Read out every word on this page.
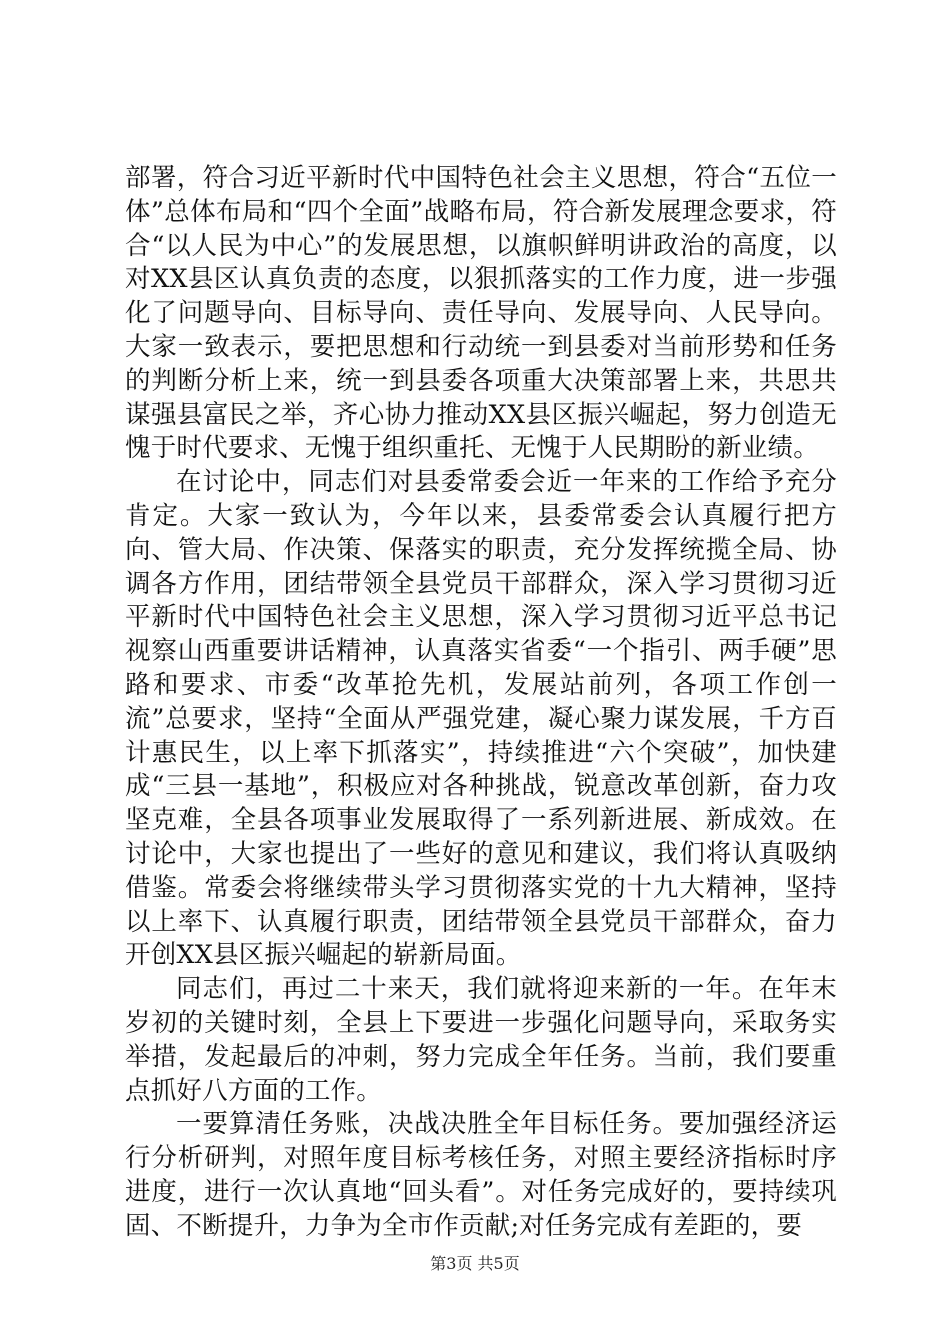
部署，符合习近平新时代中国特色社会主义思想，符合“五位一体”总体布局和“四个全面”战略布局，符合新发展理念要求，符合“以人民为中心”的发展思想，以旗帜鲜明讲政治的高度，以对XX县区认真负责的态度，以狠抓落实的工作力度，进一步强化了问题导向、目标导向、责任导向、发展导向、人民导向。大家一致表示，要把思想和行动统一到县委对当前形势和任务的判断分析上来，统一到县委各项重大决策部署上来，共思共谋强县富民之举，齐心协力推动XX县区振兴崛起，努力创造无愧于时代要求、无愧于组织重托、无愧于人民期盼的新业绩。

在讨论中，同志们对县委常委会近一年来的工作给予充分肯定。大家一致认为，今年以来，县委常委会认真履行把方向、管大局、作决策、保落实的职责，充分发挥统揽全局、协调各方作用，团结带领全县党员干部群众，深入学习贯彻习近平新时代中国特色社会主义思想，深入学习贯彻习近平总书记视察山西重要讲话精神，认真落实省委“一个指引、两手硬”思路和要求、市委“改革抢先机，发展站前列，各项工作创一流”总要求，坚持“全面从严强党建，凝心聚力谋发展，千方百计惠民生，以上率下抓落实”，持续推进“六个突破”，加快建成“三县一基地”，积极应对各种挑战，锐意改革创新，奋力攻坚克难，全县各项事业发展取得了一系列新进展、新成效。在讨论中，大家也提出了一些好的意见和建议，我们将认真吸纳借鉴。常委会将继续带头学习贯彻落实党的十九大精神，坚持以上率下、认真履行职责，团结带领全县党员干部群众，奋力开创XX县区振兴崛起的崭新局面。

同志们，再过二十来天，我们就将迎来新的一年。在年末岁初的关键时刻，全县上下要进一步强化问题导向，采取务实举措，发起最后的冲刺，努力完成全年任务。当前，我们要重点抓好八方面的工作。

一要算清任务账，决战决胜全年目标任务。要加强经济运行分析研判，对照年度目标考核任务，对照主要经济指标时序进度，进行一次认真地“回头看”。对任务完成好的，要持续巩固、不断提升，力争为全市作贡献;对任务完成有差距的，要

第3页 共5页
